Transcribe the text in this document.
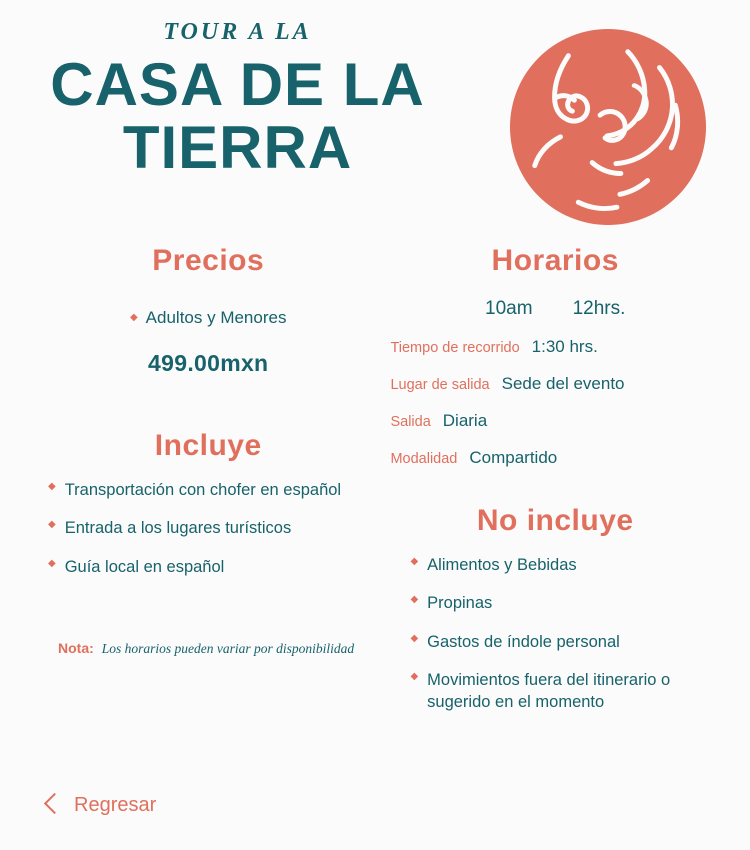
TOUR A LA
CASA DE LA
TIERRA
Precios
◆ Adultos y Menores
499.00mxn
Incluye
◆ Transportación con chofer en español
◆ Entrada a los lugares turísticos
◆ Guía local en español
Nota: Los horarios pueden variar por disponibilidad
Horarios
10am 12hrs.
Tiempo de recorrido 1:30 hrs.
Lugar de salida Sede del evento
Salida Diaria
Modalidad Compartido
No incluye
◆ Alimentos y Bebidas
◆ Propinas
◆ Gastos de índole personal
◆ Movimientos fuera del itinerario o sugerido en el momento
Regresar
